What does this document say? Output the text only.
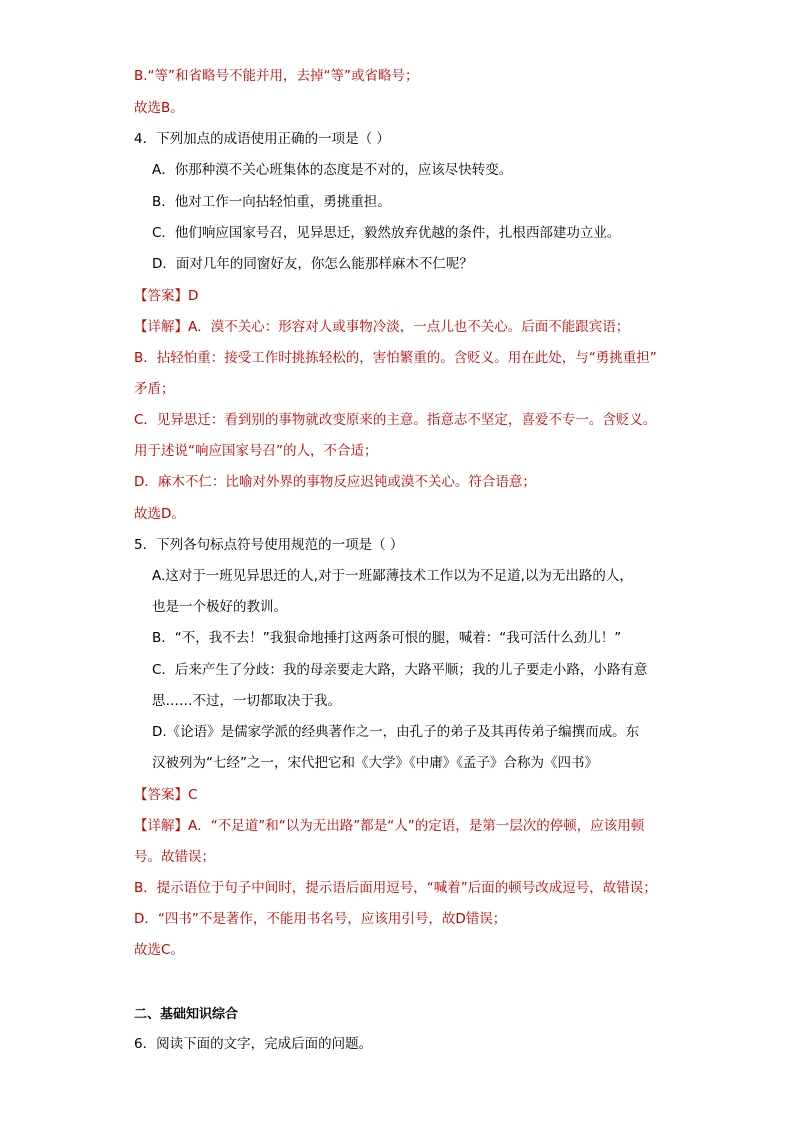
B.“等”和省略号不能并用，去掉“等”或省略号；
故选B。
4．下列加点的成语使用正确的一项是（ ）
A．你那种漠不关心班集体的态度是不对的，应该尽快转变。
B．他对工作一向拈轻怕重，勇挑重担。
C．他们响应国家号召，见异思迁，毅然放弃优越的条件，扎根西部建功立业。
D．面对几年的同窗好友，你怎么能那样麻木不仁呢？
【答案】D
【详解】A．漠不关心：形容对人或事物冷淡，一点儿也不关心。后面不能跟宾语；
B．拈轻怕重：接受工作时挑拣轻松的，害怕繁重的。含贬义。用在此处，与“勇挑重担”
矛盾；
C．见异思迁：看到别的事物就改变原来的主意。指意志不坚定，喜爱不专一。含贬义。
用于述说“响应国家号召”的人，不合适；
D．麻木不仁：比喻对外界的事物反应迟钝或漠不关心。符合语意；
故选D。
5．下列各句标点符号使用规范的一项是（ ）
A.这对于一班见异思迁的人,对于一班鄙薄技术工作以为不足道,以为无出路的人，
也是一个极好的教训。
B．“不，我不去！”我狠命地捶打这两条可恨的腿，喊着：“我可活什么劲儿！”
C．后来产生了分歧：我的母亲要走大路，大路平顺；我的儿子要走小路，小路有意
思……不过，一切都取决于我。
D.《论语》是儒家学派的经典著作之一，由孔子的弟子及其再传弟子编撰而成。东
汉被列为“七经”之一，宋代把它和《大学》《中庸》《孟子》合称为《四书》
【答案】C
【详解】A．“不足道”和“以为无出路”都是“人”的定语，是第一层次的停顿，应该用顿
号。故错误；
B．提示语位于句子中间时，提示语后面用逗号，“喊着”后面的顿号改成逗号，故错误；
D．“四书”不是著作，不能用书名号，应该用引号，故D错误；
故选C。
二、基础知识综合
6．阅读下面的文字，完成后面的问题。
